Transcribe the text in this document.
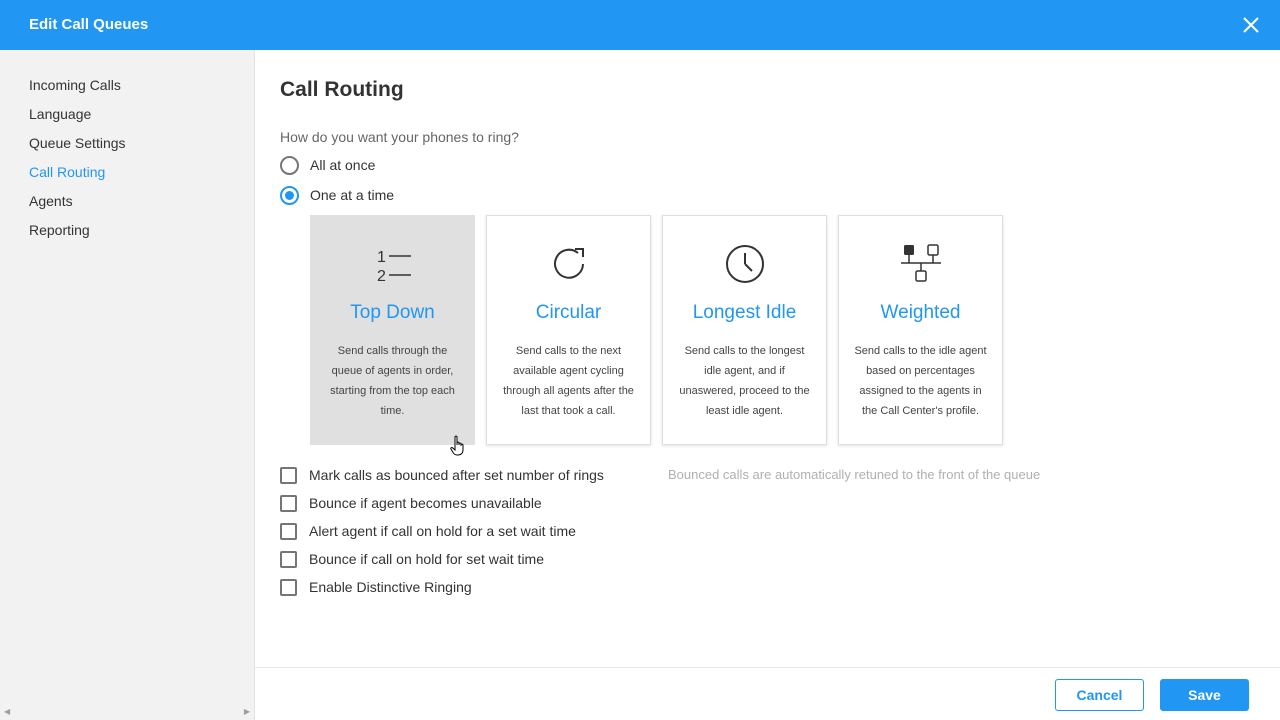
Edit Call Queues
Incoming Calls
Language
Queue Settings
Call Routing
Agents
Reporting
◀	▶
Call Routing

How do you want your phones to ring?

All at once
One at a time
1
2
Top Down
Send calls through the queue of agents in order, starting from the top each time.
Circular
Send calls to the next available agent cycling through all agents after the last that took a call.
Longest Idle
Send calls to the longest idle agent, and if unaswered, proceed to the least idle agent.
Weighted
Send calls to the idle agent based on percentages assigned to the agents in the Call Center's profile.
Mark calls as bounced after set number of rings	Bounced calls are automatically retuned to the front of the queue
Bounce if agent becomes unavailable
Alert agent if call on hold for a set wait time
Bounce if call on hold for set wait time
Enable Distinctive Ringing
Cancel	Save
